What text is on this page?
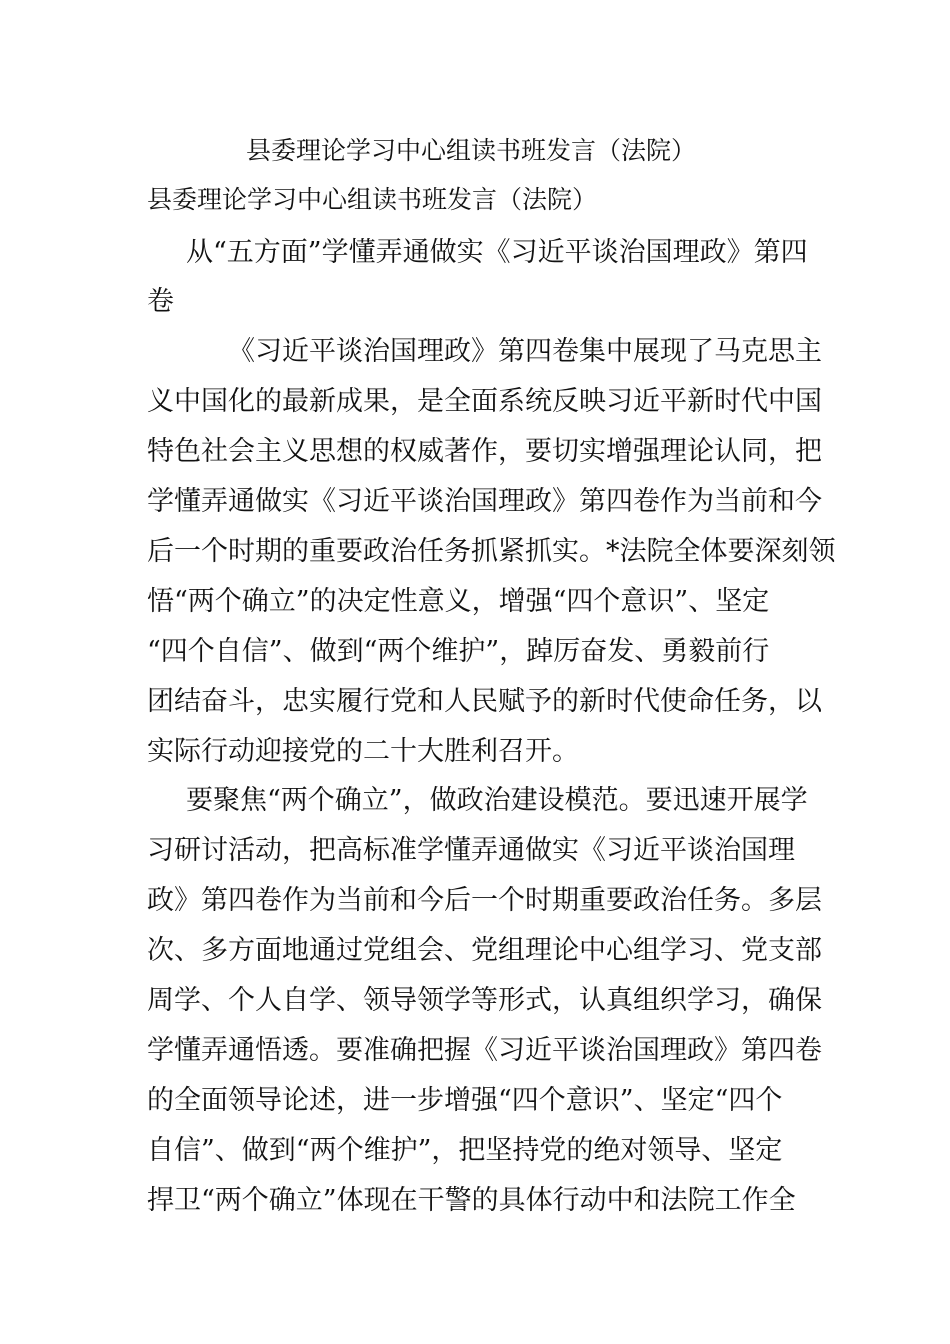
县委理论学习中心组读书班发言（法院）
县委理论学习中心组读书班发言（法院）
从“五方面”学懂弄通做实《习近平谈治国理政》第四
卷
《习近平谈治国理政》第四卷集中展现了马克思主
义中国化的最新成果，是全面系统反映习近平新时代中国
特色社会主义思想的权威著作，要切实增强理论认同，把
学懂弄通做实《习近平谈治国理政》第四卷作为当前和今
后一个时期的重要政治任务抓紧抓实。*法院全体要深刻领
悟“两个确立”的决定性意义，增强“四个意识”、坚定
“四个自信”、做到“两个维护”，踔厉奋发、勇毅前行
团结奋斗，忠实履行党和人民赋予的新时代使命任务，以
实际行动迎接党的二十大胜利召开。
要聚焦“两个确立”，做政治建设模范。要迅速开展学
习研讨活动，把高标准学懂弄通做实《习近平谈治国理
政》第四卷作为当前和今后一个时期重要政治任务。多层
次、多方面地通过党组会、党组理论中心组学习、党支部
周学、个人自学、领导领学等形式，认真组织学习，确保
学懂弄通悟透。要准确把握《习近平谈治国理政》第四卷
的全面领导论述，进一步增强“四个意识”、坚定“四个
自信”、做到“两个维护”，把坚持党的绝对领导、坚定
捍卫“两个确立”体现在干警的具体行动中和法院工作全
